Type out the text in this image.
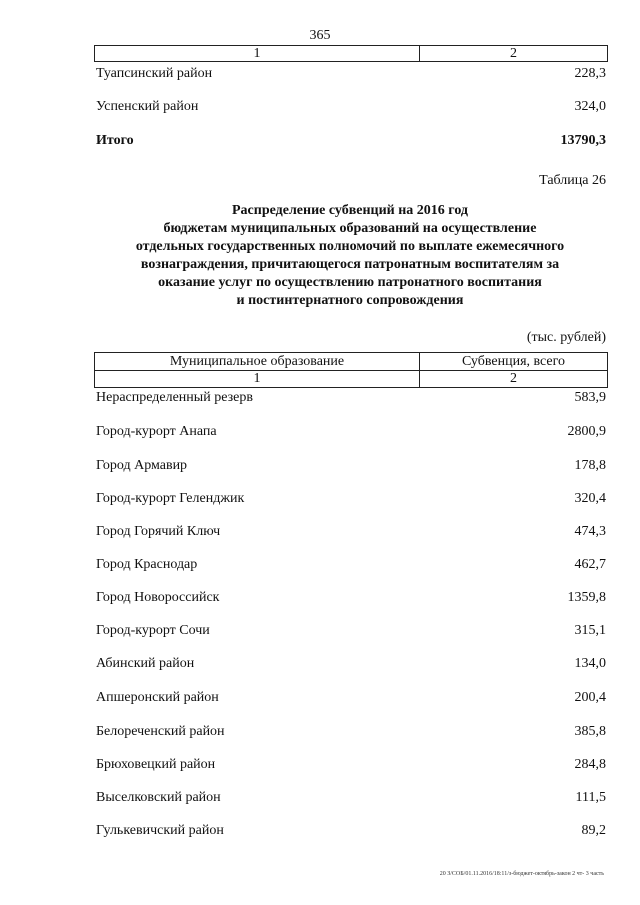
365
1	2
Туапсинский район	228,3
Успенский район	324,0
Итого	13790,3
Таблица 26
Распределение субвенций на 2016 год
бюджетам муниципальных образований на осуществление
отдельных государственных полномочий по выплате ежемесячного
вознаграждения, причитающегося патронатным воспитателям за
оказание услуг по осуществлению патронатного воспитания
и постинтернатного сопровождения
(тыс. рублей)
Муниципальное образование	Субвенция, всего
1	2
Нераспределенный резерв	583,9
Город-курорт Анапа	2800,9
Город Армавир	178,8
Город-курорт Геленджик	320,4
Город Горячий Ключ	474,3
Город Краснодар	462,7
Город Новороссийск	1359,8
Город-курорт Сочи	315,1
Абинский район	134,0
Апшеронский район	200,4
Белореченский район	385,8
Брюховецкий район	284,8
Выселковский район	111,5
Гулькевичский район	89,2
20 З/СОБ/01.11.2016/18:11/з-бюджет-октябрь-закон 2 чт- 3 часть
